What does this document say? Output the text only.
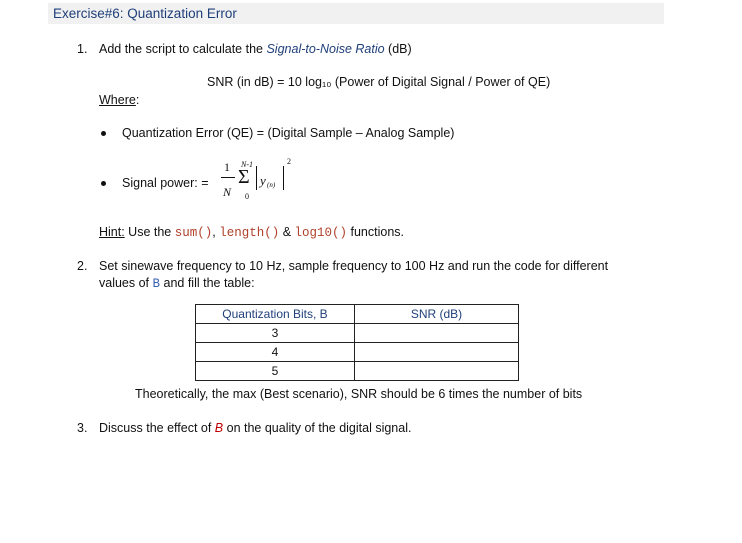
Exercise#6: Quantization Error
1. Add the script to calculate the Signal-to-Noise Ratio (dB)
SNR (in dB) = 10 log₁₀ (Power of Digital Signal / Power of QE)
Where:
Quantization Error (QE) = (Digital Sample – Analog Sample)
Signal power: =
1
N
N-1
Σ
0
y (n)
2
Hint: Use the sum(), length() & log10() functions.
2. Set sinewave frequency to 10 Hz, sample frequency to 100 Hz and run the code for different
values of B and fill the table:
Quantization Bits, B	SNR (dB)
3	
4	
5	
Theoretically, the max (Best scenario), SNR should be 6 times the number of bits
3. Discuss the effect of B on the quality of the digital signal.
